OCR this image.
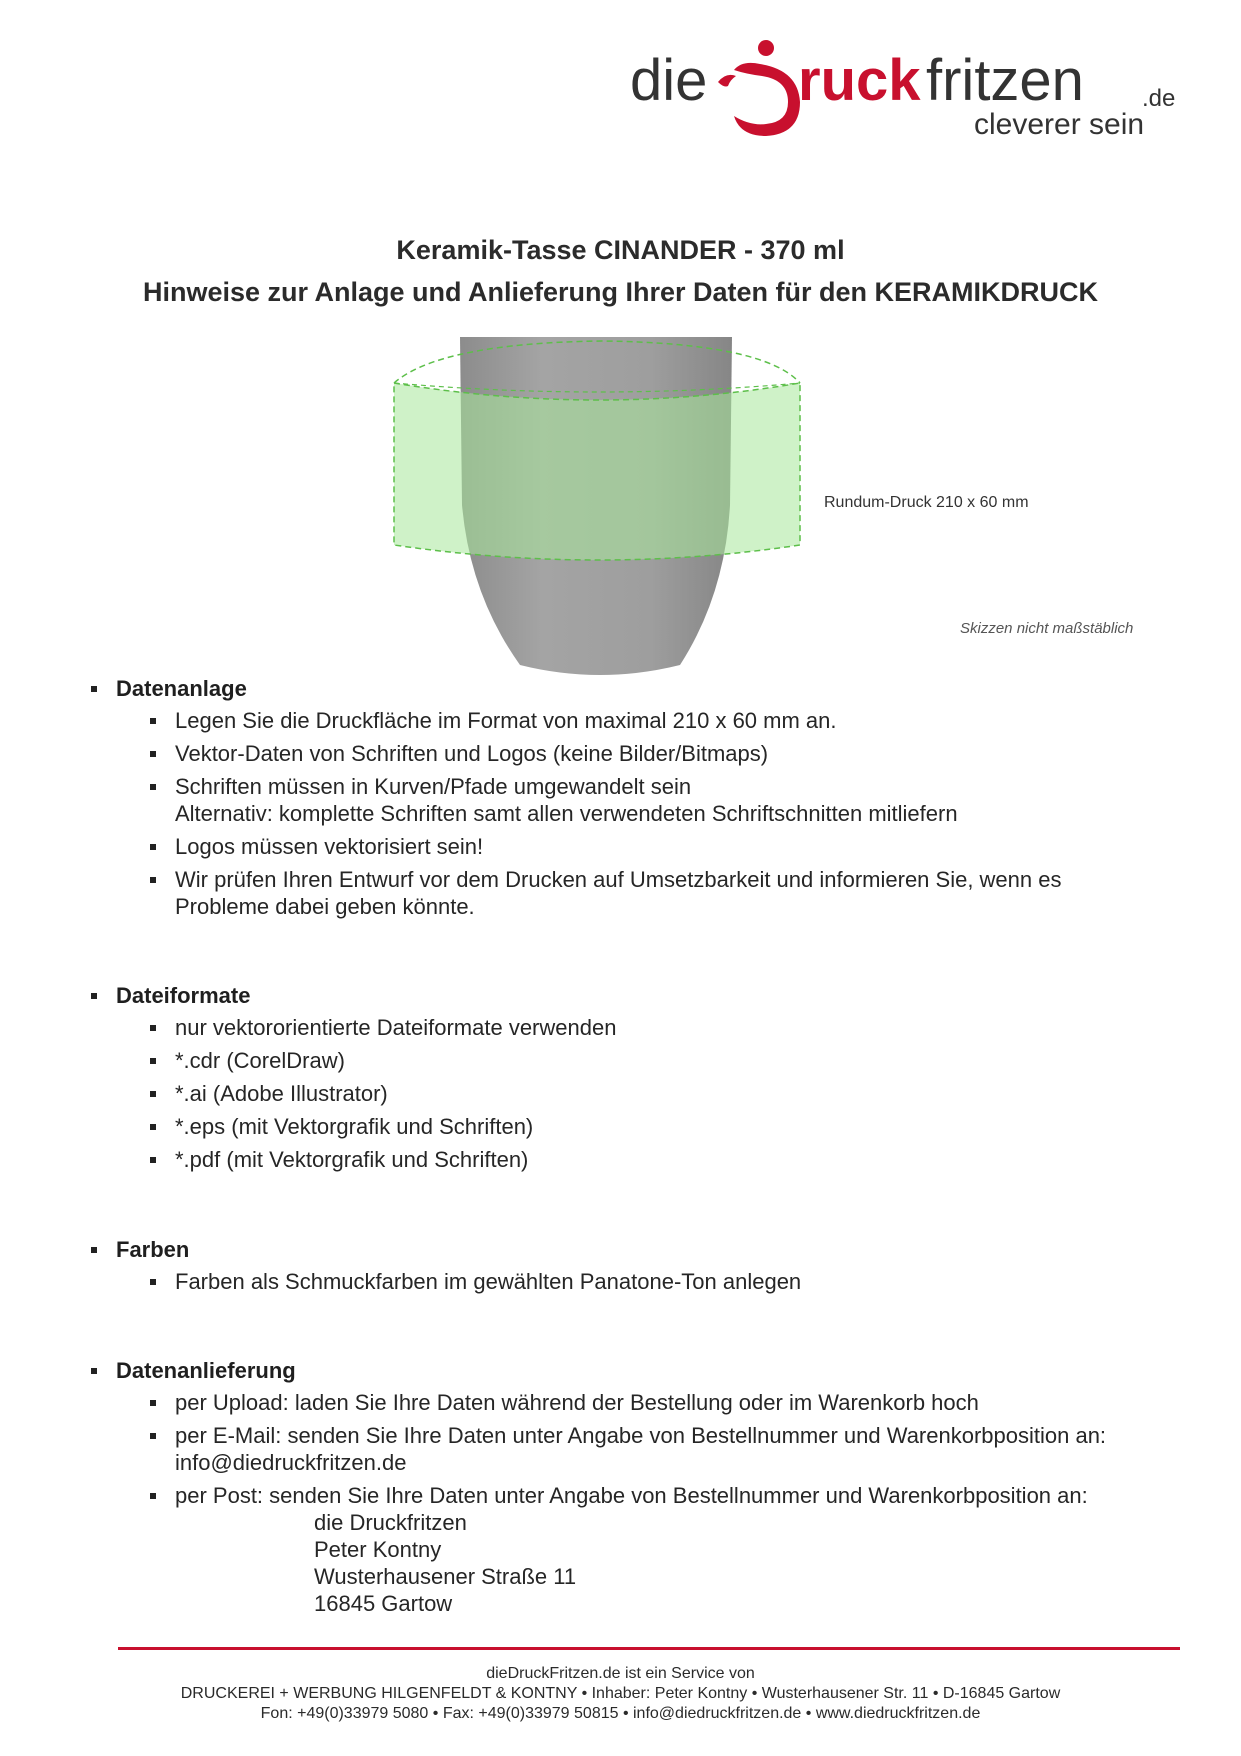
die ruck fritzen .de
cleverer sein
Keramik-Tasse CINANDER - 370 ml
Hinweise zur Anlage und Anlieferung Ihrer Daten für den KERAMIKDRUCK
Rundum-Druck 210 x 60 mm
Skizzen nicht maßstäblich
Datenanlage
Legen Sie die Druckfläche im Format von maximal 210 x 60 mm an.
Vektor-Daten von Schriften und Logos (keine Bilder/Bitmaps)
Schriften müssen in Kurven/Pfade umgewandelt sein
Alternativ: komplette Schriften samt allen verwendeten Schriftschnitten mitliefern
Logos müssen vektorisiert sein!
Wir prüfen Ihren Entwurf vor dem Drucken auf Umsetzbarkeit und informieren Sie, wenn es
Probleme dabei geben könnte.
Dateiformate
nur vektororientierte Dateiformate verwenden
*.cdr (CorelDraw)
*.ai (Adobe Illustrator)
*.eps (mit Vektorgrafik und Schriften)
*.pdf (mit Vektorgrafik und Schriften)
Farben
Farben als Schmuckfarben im gewählten Panatone-Ton anlegen
Datenanlieferung
per Upload: laden Sie Ihre Daten während der Bestellung oder im Warenkorb hoch
per E-Mail: senden Sie Ihre Daten unter Angabe von Bestellnummer und Warenkorbposition an:
info@diedruckfritzen.de
per Post: senden Sie Ihre Daten unter Angabe von Bestellnummer und Warenkorbposition an:
die Druckfritzen
Peter Kontny
Wusterhausener Straße 11
16845 Gartow
dieDruckFritzen.de ist ein Service von
DRUCKEREI + WERBUNG HILGENFELDT & KONTNY • Inhaber: Peter Kontny • Wusterhausener Str. 11 • D-16845 Gartow
Fon: +49(0)33979 5080 • Fax: +49(0)33979 50815 • info@diedruckfritzen.de • www.diedruckfritzen.de
